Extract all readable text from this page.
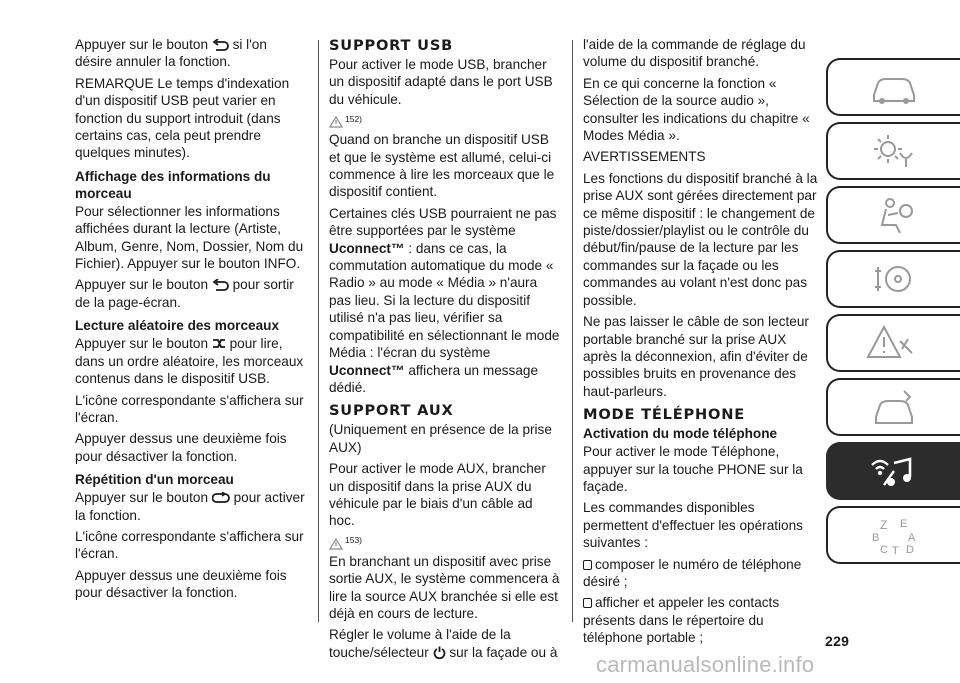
Appuyer sur le bouton si l'on désire annuler la fonction.

REMARQUE Le temps d'indexation d'un dispositif USB peut varier en fonction du support introduit (dans certains cas, cela peut prendre quelques minutes).

Affichage des informations du morceau

Pour sélectionner les informations affichées durant la lecture (Artiste, Album, Genre, Nom, Dossier, Nom du Fichier). Appuyer sur le bouton INFO.

Appuyer sur le bouton pour sortir de la page-écran.

Lecture aléatoire des morceaux

Appuyer sur le bouton pour lire, dans un ordre aléatoire, les morceaux contenus dans le dispositif USB.

L'icône correspondante s'affichera sur l'écran.

Appuyer dessus une deuxième fois pour désactiver la fonction.

Répétition d'un morceau

Appuyer sur le bouton pour activer la fonction.

L'icône correspondante s'affichera sur l'écran.

Appuyer dessus une deuxième fois pour désactiver la fonction.

SUPPORT USB

Pour activer le mode USB, brancher un dispositif adapté dans le port USB du véhicule.

152)

Quand on branche un dispositif USB et que le système est allumé, celui-ci commence à lire les morceaux que le dispositif contient.

Certaines clés USB pourraient ne pas être supportées par le système Uconnect™ : dans ce cas, la commutation automatique du mode « Radio » au mode « Média » n'aura pas lieu. Si la lecture du dispositif utilisé n'a pas lieu, vérifier sa compatibilité en sélectionnant le mode Média : l'écran du système Uconnect™ affichera un message dédié.

SUPPORT AUX

(Uniquement en présence de la prise AUX)

Pour activer le mode AUX, brancher un dispositif dans la prise AUX du véhicule par le biais d'un câble ad hoc.

153)

En branchant un dispositif avec prise sortie AUX, le système commencera à lire la source AUX branchée si elle est déjà en cours de lecture.

Régler le volume à l'aide de la touche/sélecteur sur la façade ou à

l'aide de la commande de réglage du volume du dispositif branché.

En ce qui concerne la fonction « Sélection de la source audio », consulter les indications du chapitre « Modes Média ».

AVERTISSEMENTS

Les fonctions du dispositif branché à la prise AUX sont gérées directement par ce même dispositif : le changement de piste/dossier/playlist ou le contrôle du début/fin/pause de la lecture par les commandes sur la façade ou les commandes au volant n'est donc pas possible.

Ne pas laisser le câble de son lecteur portable branché sur la prise AUX après la déconnexion, afin d'éviter de possibles bruits en provenance des haut-parleurs.

MODE TÉLÉPHONE
Activation du mode téléphone

Pour activer le mode Téléphone, appuyer sur la touche PHONE sur la façade.

Les commandes disponibles permettent d'effectuer les opérations suivantes :

composer le numéro de téléphone désiré ;

afficher et appeler les contacts présents dans le répertoire du téléphone portable ;

Z E
B	A
C T D
229
carmanualsonline.info
